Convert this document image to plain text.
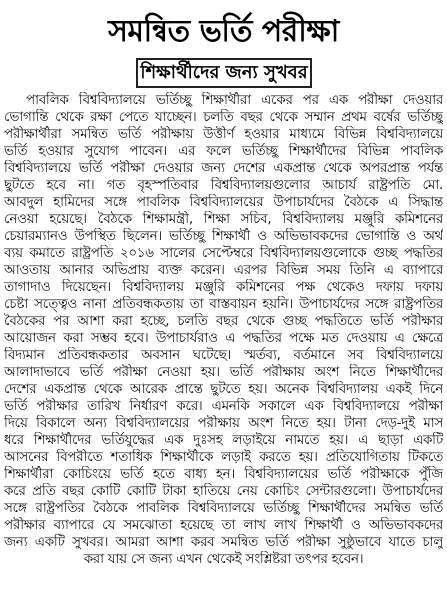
সমন্বিত ভর্তি পরীক্ষা
শিক্ষার্থীদের জন্য সুখবর
পাবলিক বিশ্ববিদ্যালয়ে ভর্তিচ্ছু শিক্ষার্থীরা একের পর এক পরীক্ষা দেওয়ার
ভোগান্তি থেকে রক্ষা পেতে যাচ্ছেন। চলতি বছর থেকে সম্মান প্রথম বর্ষের ভর্তিচ্ছু
পরীক্ষার্থীরা সমন্বিত ভর্তি পরীক্ষায় উত্তীর্ণ হওয়ার মাধ্যমে বিভিন্ন বিশ্ববিদ্যালয়ে
ভর্তি হওয়ার সুযোগ পাবেন। এর ফলে ভর্তিচ্ছু শিক্ষার্থীদের বিভিন্ন পাবলিক
বিশ্ববিদ্যালয়ে ভর্তি পরীক্ষা দেওয়ার জন্য দেশের একপ্রান্ত থেকে অপরপ্রান্ত পর্যন্ত
ছুটতে হবে না। গত বৃহস্পতিবার বিশ্ববিদ্যালয়গুলোর আচার্য রাষ্ট্রপতি মো.
আবদুল হামিদের সঙ্গে পাবলিক বিশ্ববিদ্যালয়ের উপাচার্যদের বৈঠকে এ সিদ্ধান্ত
নেওয়া হয়েছে। বৈঠকে শিক্ষামন্ত্রী, শিক্ষা সচিব, বিশ্ববিদ্যালয় মঞ্জুরি কমিশনের
চেয়ারম্যানও উপস্থিত ছিলেন। ভর্তিচ্ছু শিক্ষার্থী ও অভিভাবকদের ভোগান্তি ও অর্থ
ব্যয় কমাতে রাষ্ট্রপতি ২০১৬ সালের সেপ্টেম্বরে বিশ্ববিদ্যালয়গুলোকে গুচ্ছ পদ্ধতির
আওতায় আনার অভিপ্রায় ব্যক্ত করেন। এরপর বিভিন্ন সময় তিনি এ ব্যাপারে
তাগাদাও দিয়েছেন। বিশ্ববিদ্যালয় মঞ্জুরি কমিশনের পক্ষ থেকেও দফায় দফায়
চেষ্টা সত্ত্বেও নানা প্রতিবন্ধকতায় তা বাস্তবায়ন হয়নি। উপাচার্যদের সঙ্গে রাষ্ট্রপতির
বৈঠকের পর আশা করা হচ্ছে, চলতি বছর থেকে গুচ্ছ পদ্ধতিতে ভর্তি পরীক্ষার
আয়োজন করা সম্ভব হবে। উপাচার্যরাও এ পদ্ধতির পক্ষে মত দেওয়ায় এ ক্ষেত্রে
বিদ্যমান প্রতিবন্ধকতার অবসান ঘটেছে। স্মর্তব্য, বর্তমানে সব বিশ্ববিদ্যালয়ে
আলাদাভাবে ভর্তি পরীক্ষা নেওয়া হয়। ভর্তি পরীক্ষায় অংশ নিতে শিক্ষার্থীদের
দেশের একপ্রান্ত থেকে আরেক প্রান্তে ছুটতে হয়। অনেক বিশ্ববিদ্যালয় একই দিনে
ভর্তি পরীক্ষার তারিখ নির্ধারণ করে। এমনকি সকালে এক বিশ্ববিদ্যালয়ে পরীক্ষা
দিয়ে বিকালে অন্য বিশ্ববিদ্যালয়ের পরীক্ষায় অংশ নিতে হয়। টানা দেড়-দুই মাস
ধরে শিক্ষার্থীদের ভর্তিযুদ্ধের এক দুঃসহ লড়াইয়ে নামতে হয়। এ ছাড়া একটি
আসনের বিপরীতে শতাধিক শিক্ষার্থীকে লড়াই করতে হয়। প্রতিযোগিতায় টিকতে
শিক্ষার্থীরা কোচিংয়ে ভর্তি হতে বাধ্য হন। বিশ্ববিদ্যালয়ের ভর্তি পরীক্ষাকে পুঁজি
করে প্রতি বছর কোটি কোটি টাকা হাতিয়ে নেয় কোচিং সেন্টারগুলো। উপাচার্যদের
সঙ্গে রাষ্ট্রপতির বৈঠকে পাবলিক বিশ্ববিদ্যালয়ে ভর্তিচ্ছু শিক্ষার্থীদের সমন্বিত ভর্তি
পরীক্ষার ব্যাপারে যে সমঝোতা হয়েছে তা লাখ লাখ শিক্ষার্থী ও অভিভাবকদের
জন্য একটি সুখবর। আমরা আশা করব সমন্বিত ভর্তি পরীক্ষা সুষ্ঠুভাবে যাতে চালু
করা যায় সে জন্য এখন থেকেই সংশ্লিষ্টরা তৎপর হবেন।
